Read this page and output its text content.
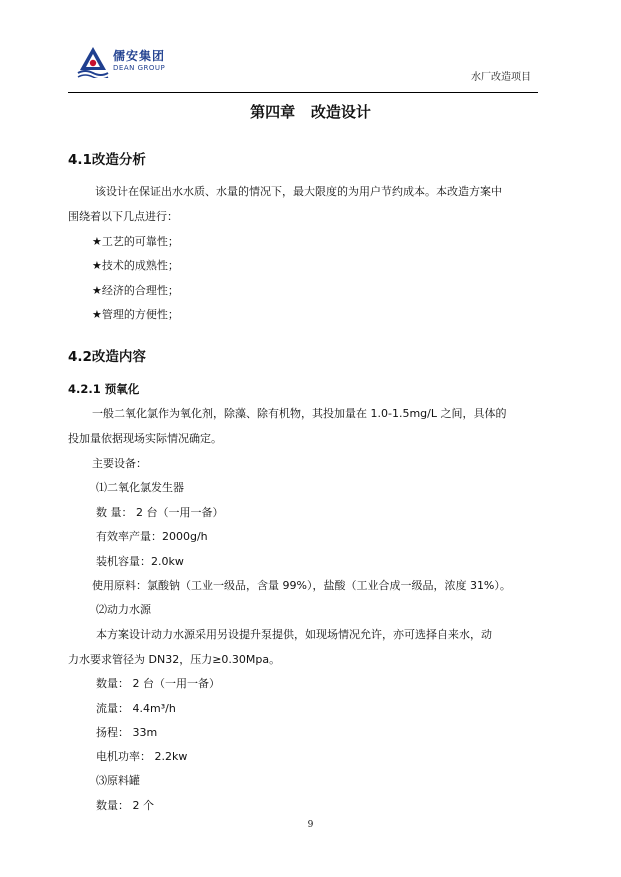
儒安集团
DEAN GROUP
水厂改造项目
第四章   改造设计
4.1改造分析
该设计在保证出水水质、水量的情况下，最大限度的为用户节约成本。本改造方案中
围绕着以下几点进行：
★工艺的可靠性；
★技术的成熟性；
★经济的合理性；
★管理的方便性；
4.2改造内容
4.2.1 预氧化
一般二氧化氯作为氧化剂，除藻、除有机物，其投加量在 1.0-1.5mg/L 之间，具体的
投加量依据现场实际情况确定。
主要设备：
⑴二氧化氯发生器
数 量： 2 台（一用一备）
有效率产量：2000g/h
装机容量：2.0kw
使用原料：氯酸钠（工业一级品，含量 99%），盐酸（工业合成一级品，浓度 31%）。
⑵动力水源
本方案设计动力水源采用另设提升泵提供，如现场情况允许，亦可选择自来水，动
力水要求管径为 DN32，压力≥0.30Mpa。
数量： 2 台（一用一备）
流量： 4.4m³/h
扬程： 33m
电机功率： 2.2kw
⑶原料罐
数量： 2 个
9
